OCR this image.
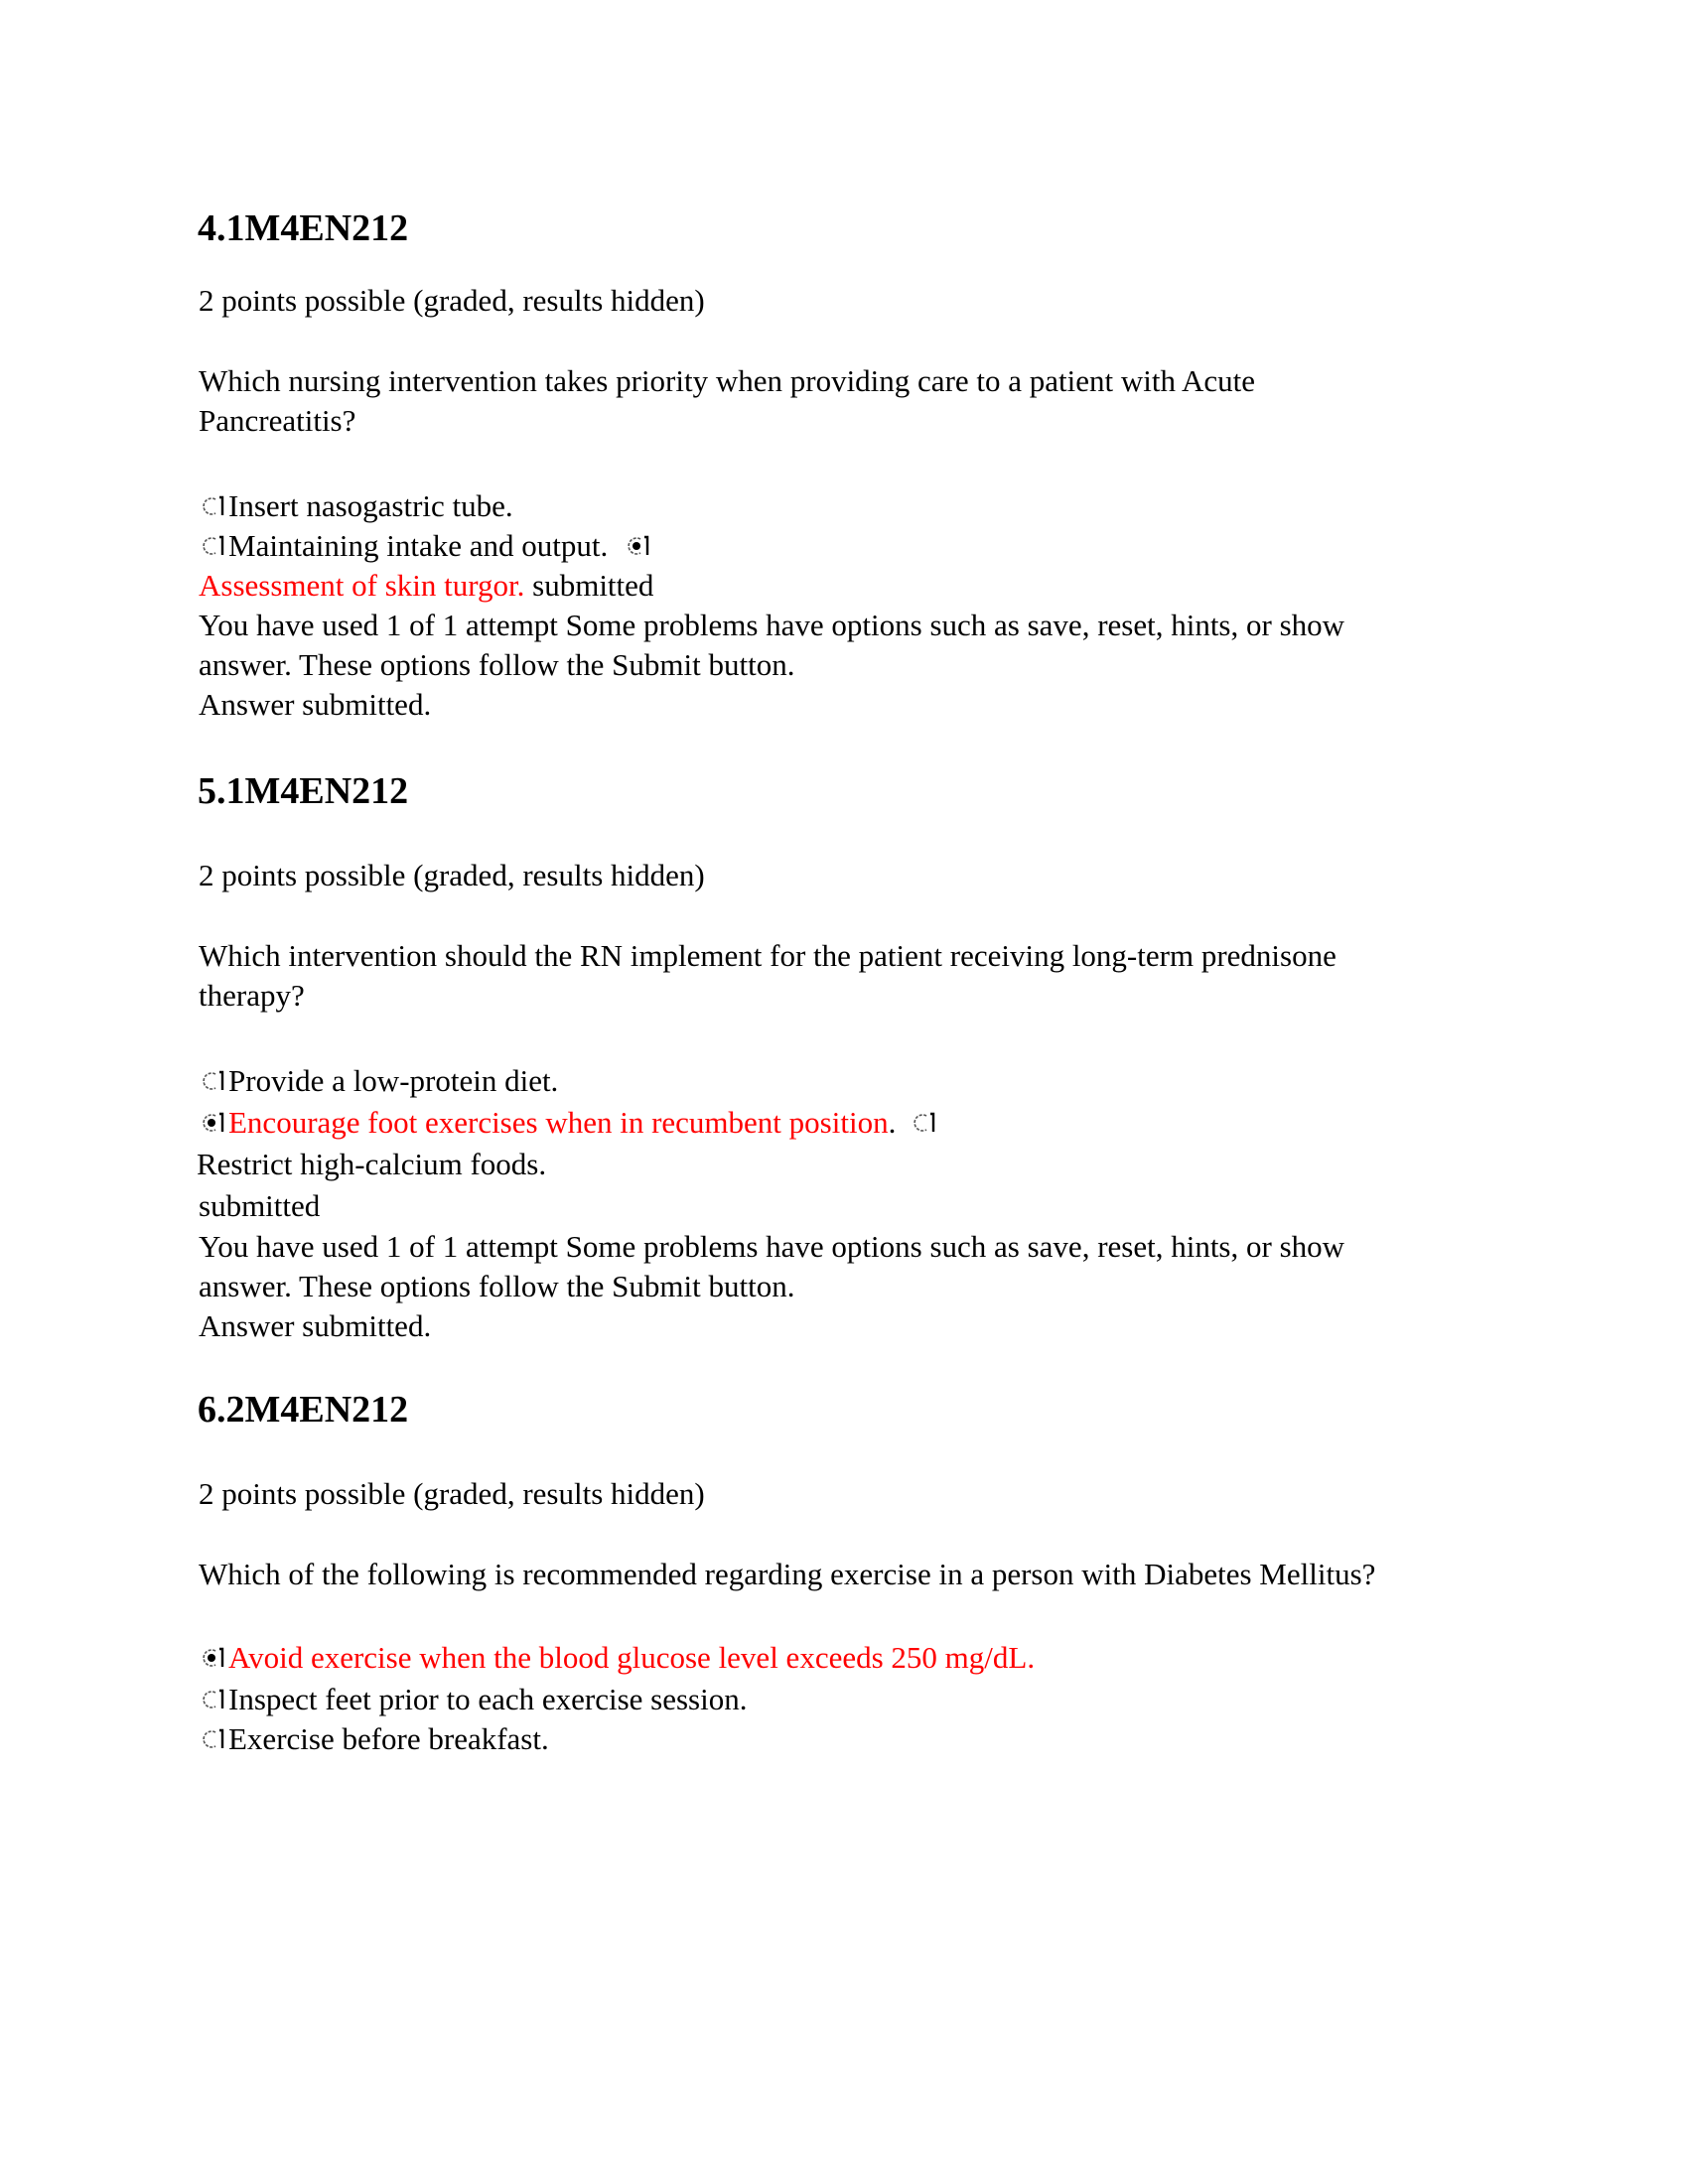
4.1M4EN212
2 points possible (graded, results hidden)
Which nursing intervention takes priority when providing care to a patient with Acute
Pancreatitis?
Insert nasogastric tube.
Maintaining intake and output.
Assessment of skin turgor. submitted
You have used 1 of 1 attempt Some problems have options such as save, reset, hints, or show
answer. These options follow the Submit button.
Answer submitted.
5.1M4EN212
2 points possible (graded, results hidden)
Which intervention should the RN implement for the patient receiving long-term prednisone
therapy?
Provide a low-protein diet.
Encourage foot exercises when in recumbent position.
Restrict high-calcium foods.
submitted
You have used 1 of 1 attempt Some problems have options such as save, reset, hints, or show
answer. These options follow the Submit button.
Answer submitted.
6.2M4EN212
2 points possible (graded, results hidden)
Which of the following is recommended regarding exercise in a person with Diabetes Mellitus?
Avoid exercise when the blood glucose level exceeds 250 mg/dL.
Inspect feet prior to each exercise session.
Exercise before breakfast.
